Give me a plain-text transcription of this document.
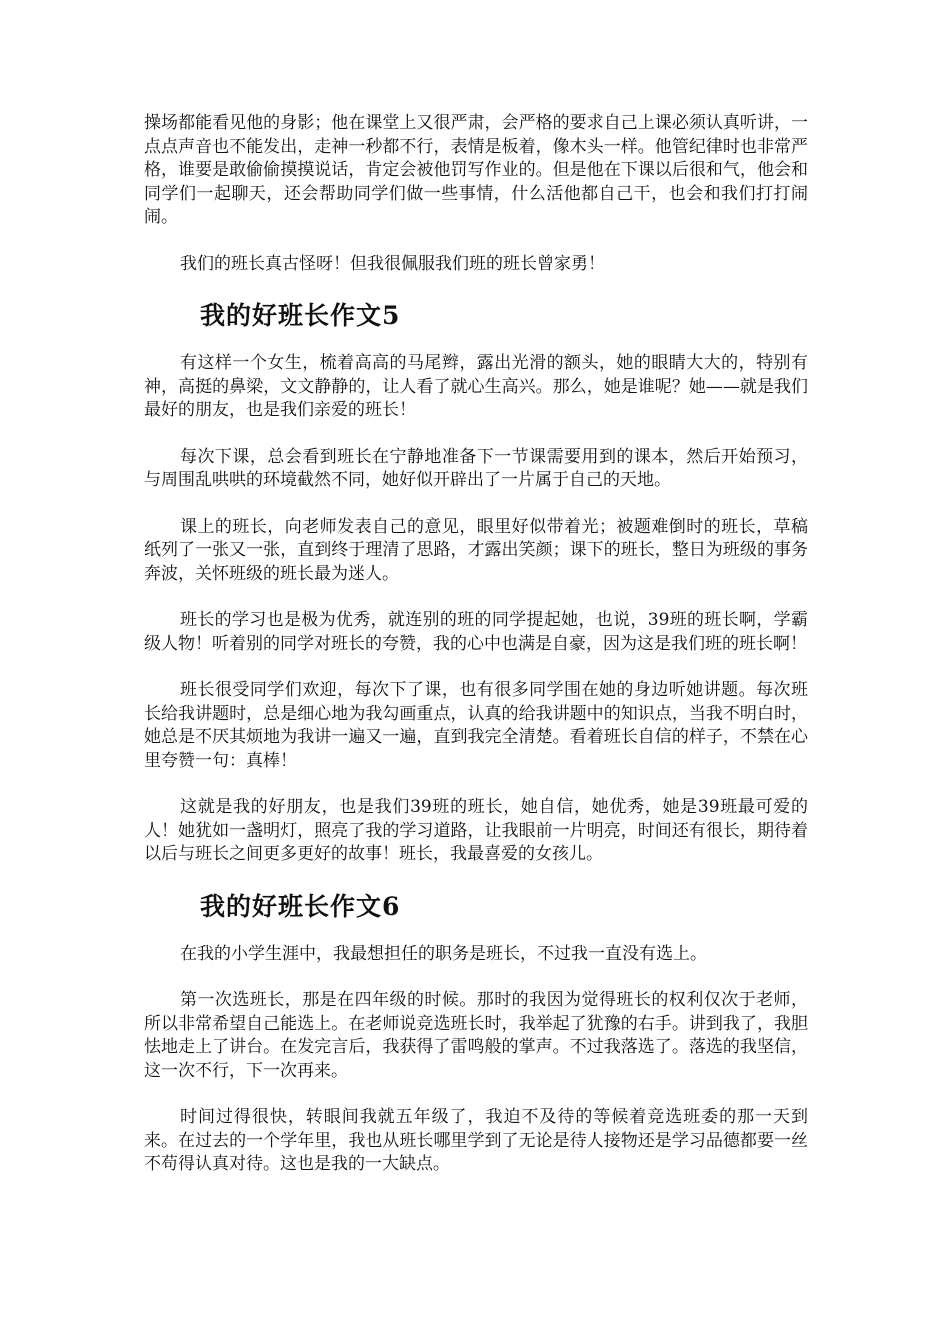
操场都能看见他的身影；他在课堂上又很严肃，会严格的要求自己上课必须认真听讲，一点点声音也不能发出，走神一秒都不行，表情是板着，像木头一样。他管纪律时也非常严格，谁要是敢偷偷摸摸说话，肯定会被他罚写作业的。但是他在下课以后很和气，他会和同学们一起聊天，还会帮助同学们做一些事情，什么活他都自己干，也会和我们打打闹闹。

我们的班长真古怪呀！但我很佩服我们班的班长曾家勇！

我的好班长作文5

有这样一个女生，梳着高高的马尾辫，露出光滑的额头，她的眼睛大大的，特别有神，高挺的鼻梁，文文静静的，让人看了就心生高兴。那么，她是谁呢？她——就是我们最好的朋友，也是我们亲爱的班长！

每次下课，总会看到班长在宁静地准备下一节课需要用到的课本，然后开始预习，与周围乱哄哄的环境截然不同，她好似开辟出了一片属于自己的天地。

课上的班长，向老师发表自己的意见，眼里好似带着光；被题难倒时的班长，草稿纸列了一张又一张，直到终于理清了思路，才露出笑颜；课下的班长，整日为班级的事务奔波，关怀班级的班长最为迷人。

班长的学习也是极为优秀，就连别的班的同学提起她，也说，39班的班长啊，学霸级人物！听着别的同学对班长的夸赞，我的心中也满是自豪，因为这是我们班的班长啊！

班长很受同学们欢迎，每次下了课，也有很多同学围在她的身边听她讲题。每次班长给我讲题时，总是细心地为我勾画重点，认真的给我讲题中的知识点，当我不明白时，她总是不厌其烦地为我讲一遍又一遍，直到我完全清楚。看着班长自信的样子，不禁在心里夸赞一句：真棒！

这就是我的好朋友，也是我们39班的班长，她自信，她优秀，她是39班最可爱的人！她犹如一盏明灯，照亮了我的学习道路，让我眼前一片明亮，时间还有很长，期待着以后与班长之间更多更好的故事！班长，我最喜爱的女孩儿。

我的好班长作文6

在我的小学生涯中，我最想担任的职务是班长，不过我一直没有选上。

第一次选班长，那是在四年级的时候。那时的我因为觉得班长的权利仅次于老师，所以非常希望自己能选上。在老师说竞选班长时，我举起了犹豫的右手。讲到我了，我胆怯地走上了讲台。在发完言后，我获得了雷鸣般的掌声。不过我落选了。落选的我坚信，这一次不行，下一次再来。

时间过得很快，转眼间我就五年级了，我迫不及待的等候着竞选班委的那一天到来。在过去的一个学年里，我也从班长哪里学到了无论是待人接物还是学习品德都要一丝不苟得认真对待。这也是我的一大缺点。
